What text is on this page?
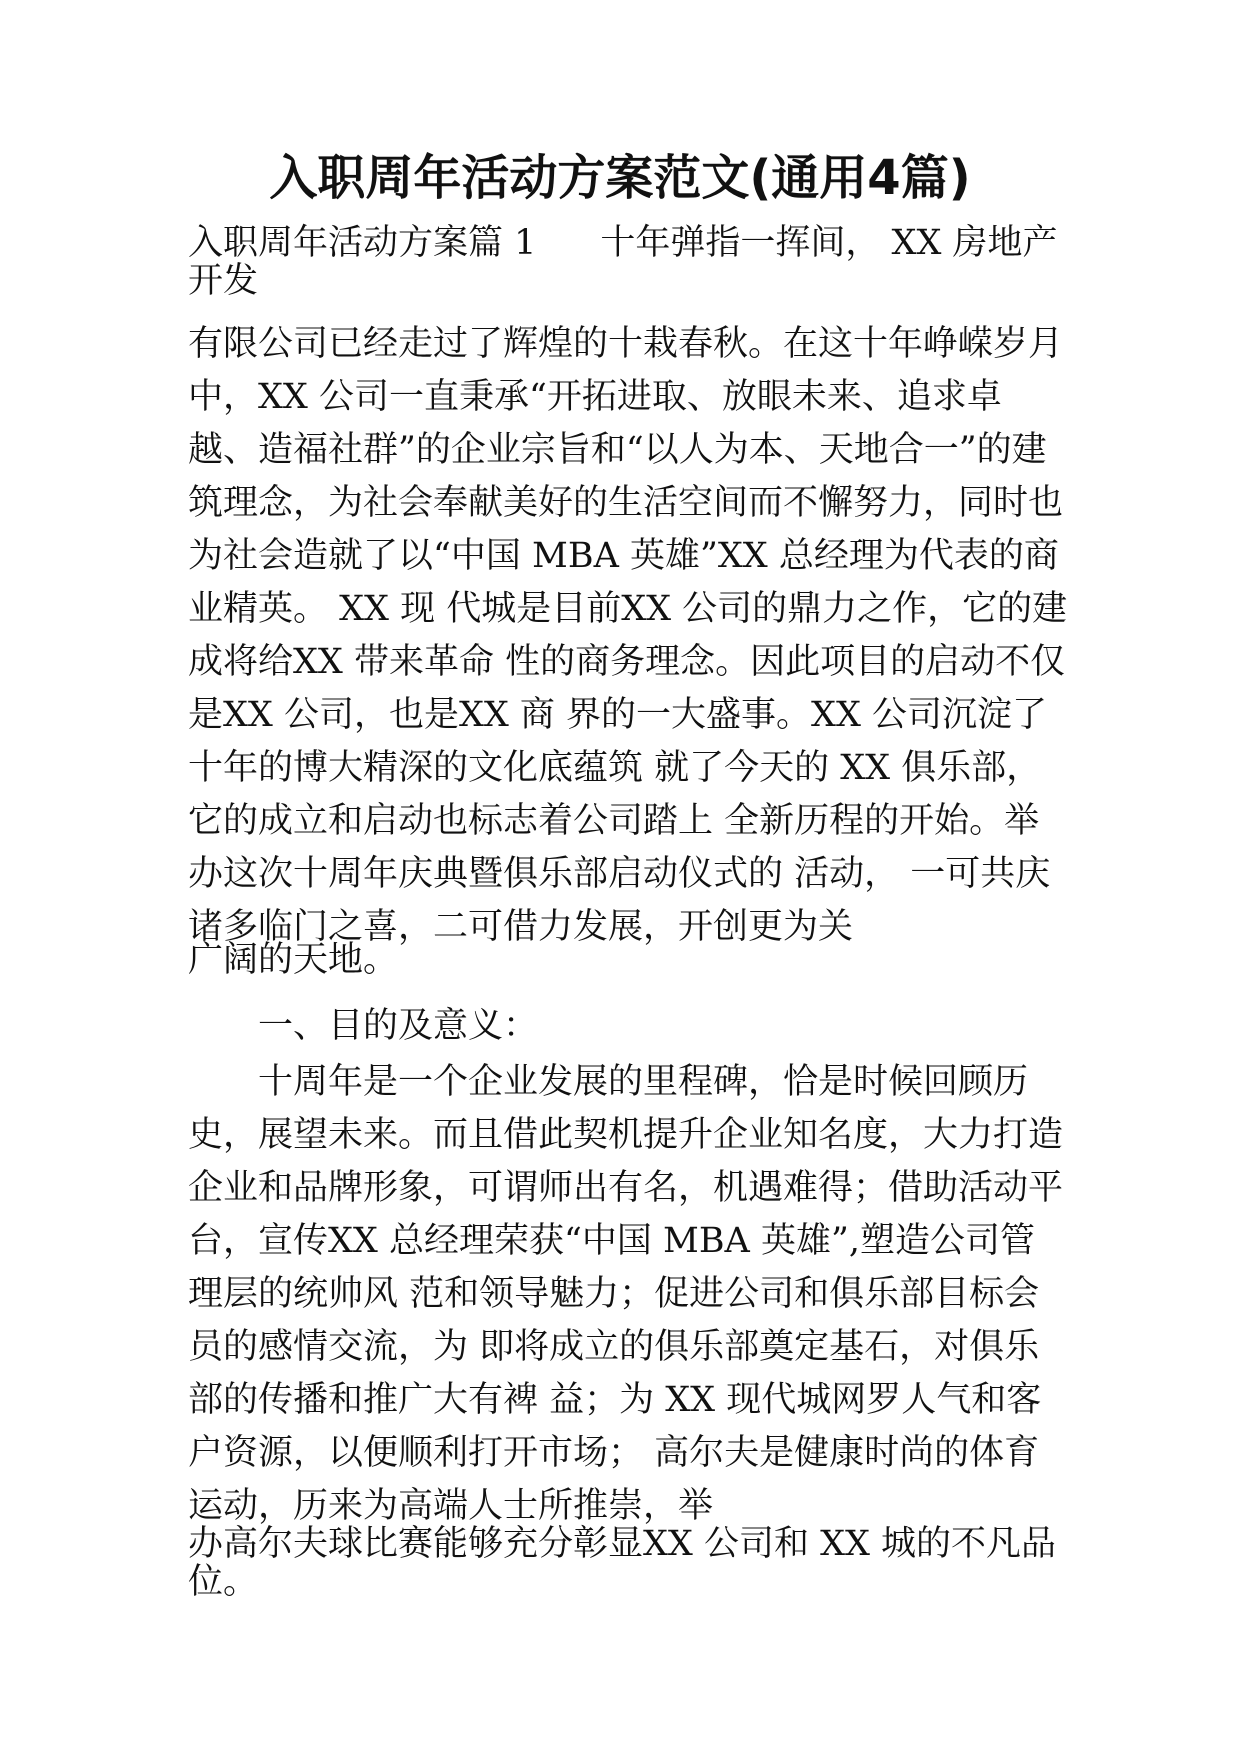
入职周年活动方案范文(通用4篇)

入职周年活动方案篇 1 十年弹指一挥间， XX 房地产开发

有限公司已经走过了辉煌的十栽春秋。在这十年峥嵘岁月中，XX 公司一直秉承“开拓进取、放眼未来、追求卓越、造福社群”的企业宗旨和“以人为本、天地合一”的建筑理念，为社会奉献美好的生活空间而不懈努力，同时也为社会造就了以“中国 MBA 英雄”XX 总经理为代表的商业精英。 XX 现 代城是目前XX 公司的鼎力之作，它的建成将给XX 带来革命 性的商务理念。因此项目的启动不仅是XX 公司，也是XX 商 界的一大盛事。XX 公司沉淀了十年的博大精深的文化底蕴筑 就了今天的 XX 俱乐部，它的成立和启动也标志着公司踏上 全新历程的开始。举办这次十周年庆典暨俱乐部启动仪式的 活动， 一可共庆诸多临门之喜，二可借力发展，开创更为关

广阔的天地。

一、目的及意义：

十周年是一个企业发展的里程碑，恰是时候回顾历史，展望未来。而且借此契机提升企业知名度，大力打造企业和品牌形象，可谓师出有名，机遇难得；借助活动平台，宣传XX 总经理荣获“中国 MBA 英雄”,塑造公司管理层的统帅风 范和领导魅力；促进公司和俱乐部目标会员的感情交流，为 即将成立的俱乐部奠定基石，对俱乐部的传播和推广大有裨 益；为 XX 现代城网罗人气和客户资源，以便顺利打开市场； 高尔夫是健康时尚的体育运动，历来为高端人士所推崇，举

办高尔夫球比赛能够充分彰显XX 公司和 XX 城的不凡品位。
